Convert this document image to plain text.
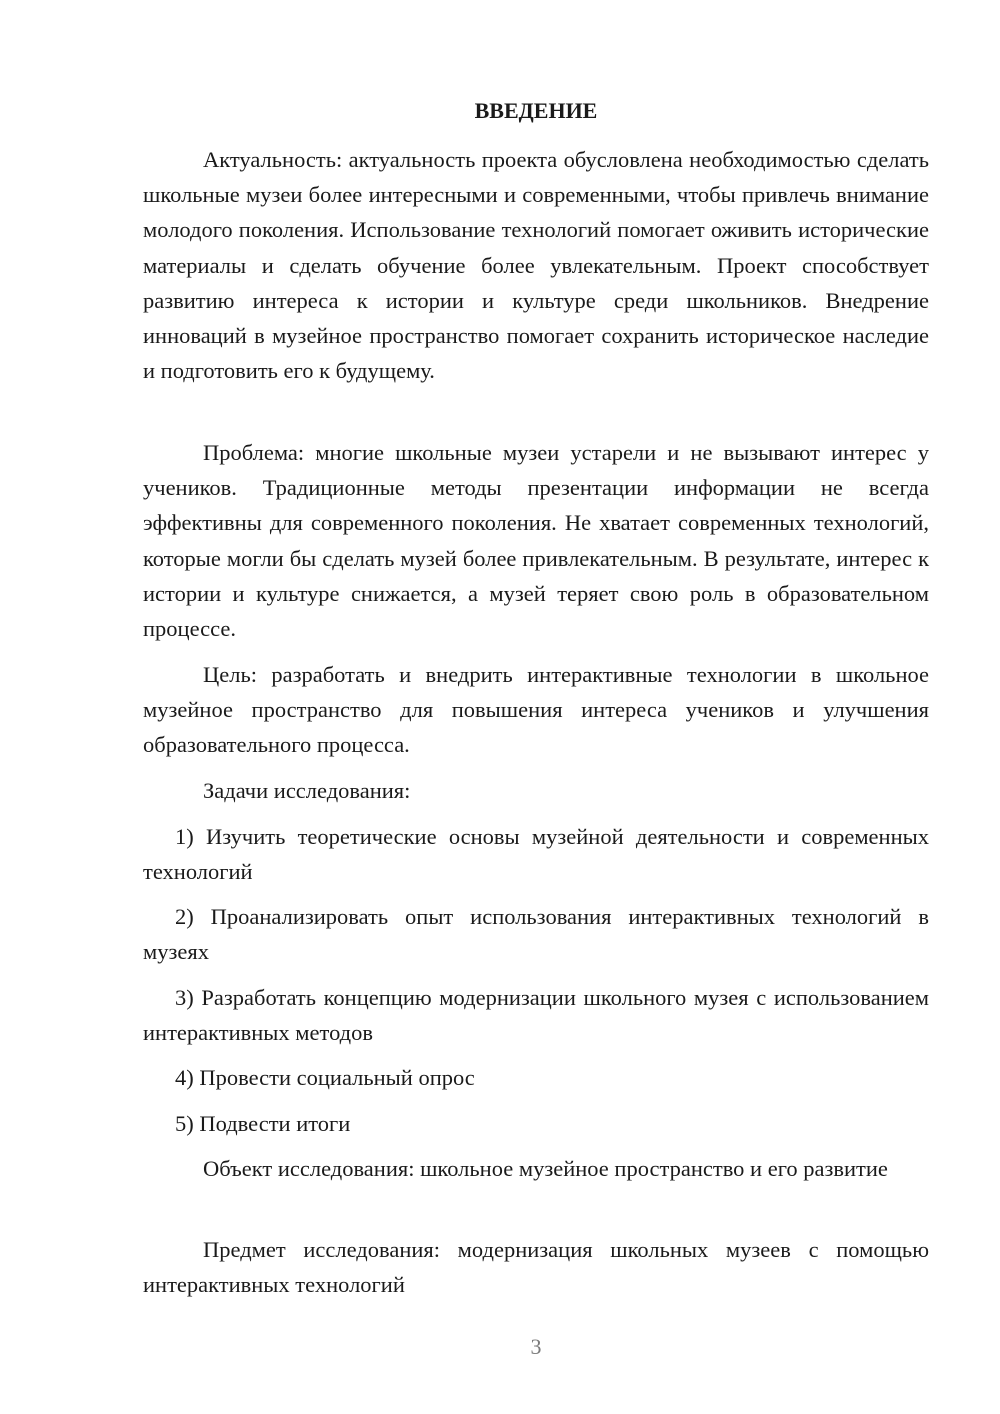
ВВЕДЕНИЕ

Актуальность: актуальность проекта обусловлена необходимостью сделать школьные музеи более интересными и современными, чтобы привлечь внимание молодого поколения. Использование технологий помогает оживить исторические материалы и сделать обучение более увлекательным. Проект способствует развитию интереса к истории и культуре среди школьников. Внедрение инноваций в музейное пространство помогает сохранить историческое наследие и подготовить его к будущему.

Проблема: многие школьные музеи устарели и не вызывают интерес у учеников. Традиционные методы презентации информации не всегда эффективны для современного поколения. Не хватает современных технологий, которые могли бы сделать музей более привлекательным. В результате, интерес к истории и культуре снижается, а музей теряет свою роль в образовательном процессе.

Цель: разработать и внедрить интерактивные технологии в школьное музейное пространство для повышения интереса учеников и улучшения образовательного процесса.

Задачи исследования:

1) Изучить теоретические основы музейной деятельности и современных технологий

2) Проанализировать опыт использования интерактивных технологий в музеях

3) Разработать концепцию модернизации школьного музея с использованием интерактивных методов

4) Провести социальный опрос

5) Подвести итоги

Объект исследования: школьное музейное пространство и его развитие

Предмет исследования: модернизация школьных музеев с помощью интерактивных технологий

3
